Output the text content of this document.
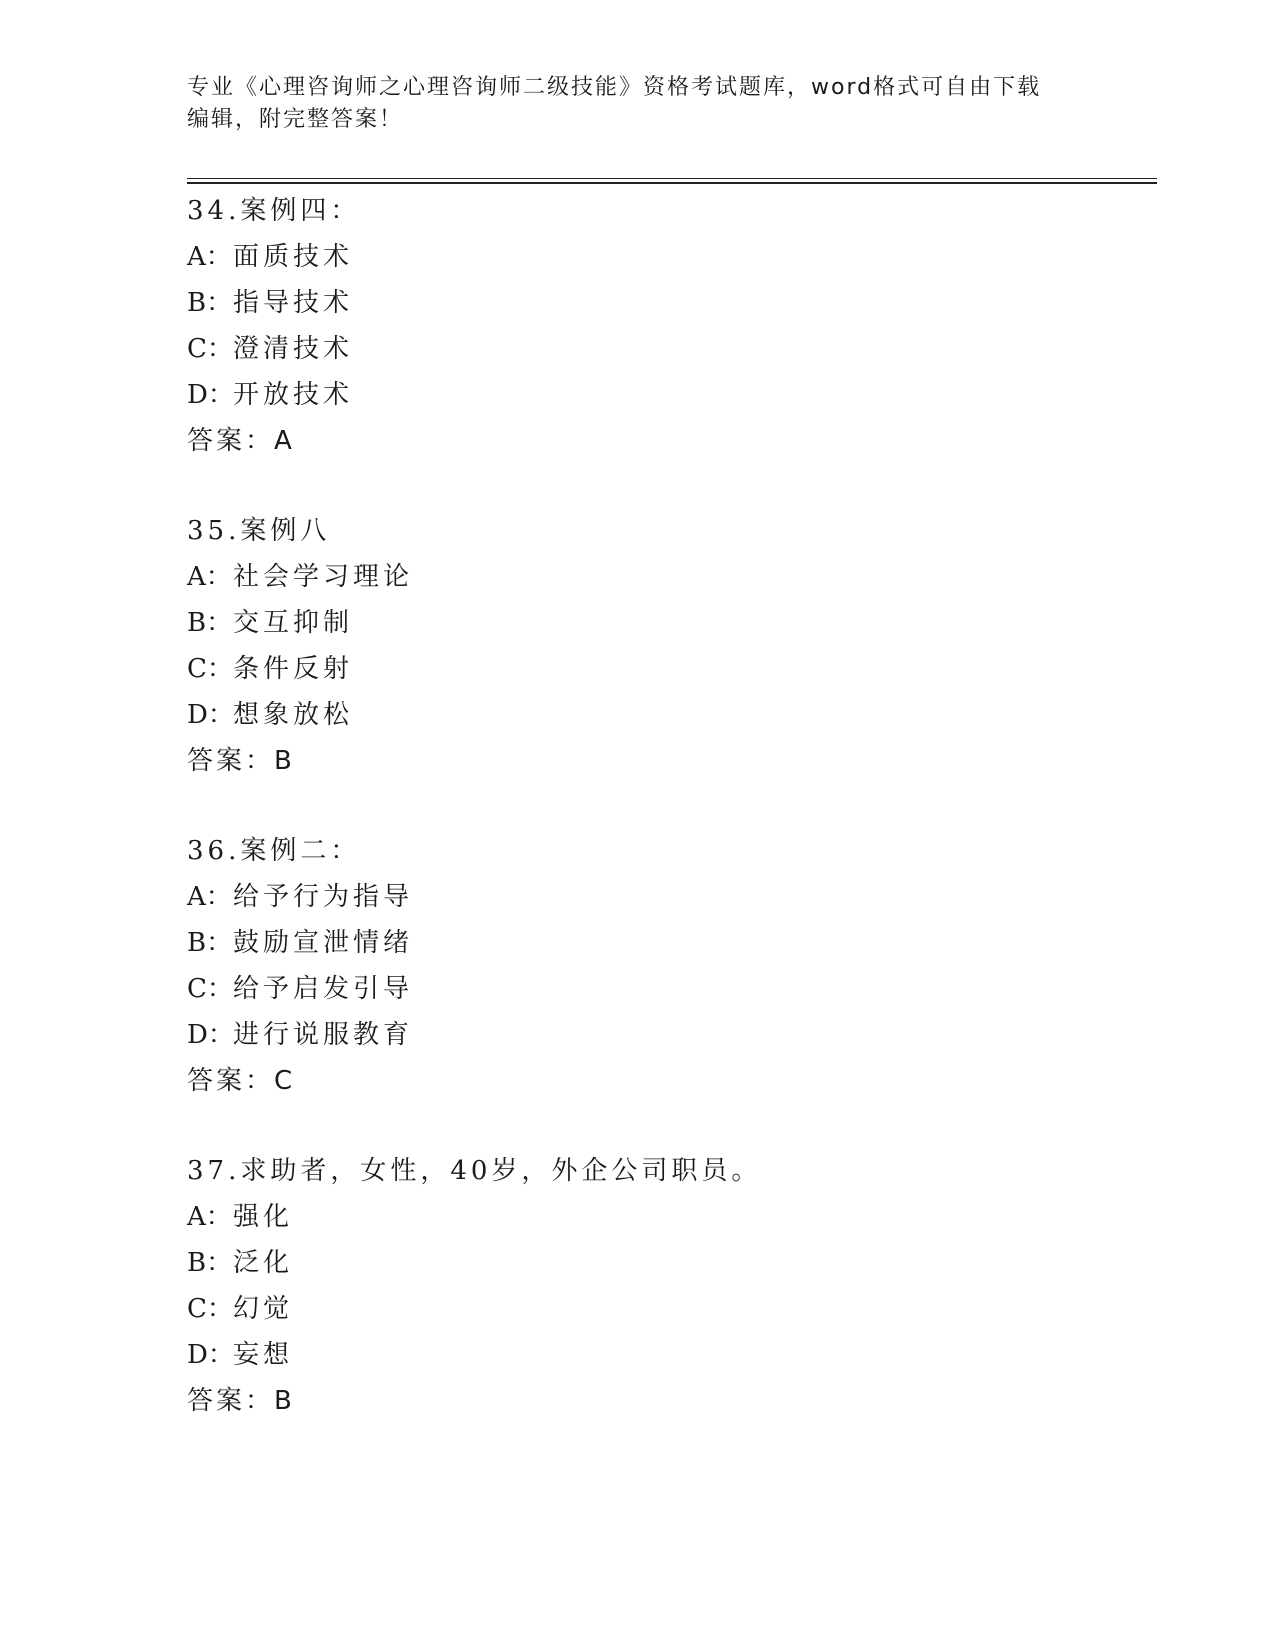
专业《心理咨询师之心理咨询师二级技能》资格考试题库，word格式可自由下载
编辑，附完整答案！
34.案例四：
A：面质技术
B：指导技术
C：澄清技术
D：开放技术
答案：A
35.案例八
A：社会学习理论
B：交互抑制
C：条件反射
D：想象放松
答案：B
36.案例二：
A：给予行为指导
B：鼓励宣泄情绪
C：给予启发引导
D：进行说服教育
答案：C
37.求助者，女性，40岁，外企公司职员。
A：强化
B：泛化
C：幻觉
D：妄想
答案：B
